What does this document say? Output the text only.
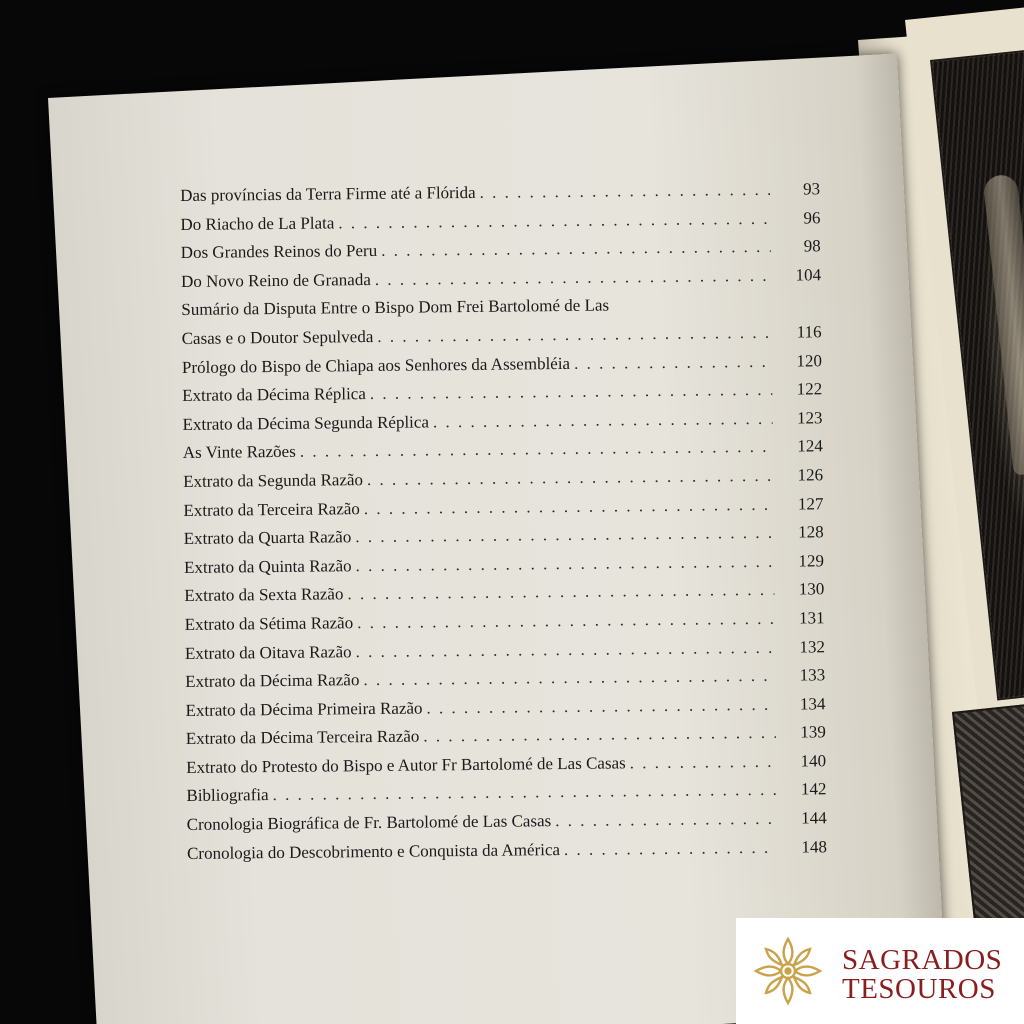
Das províncias da Terra Firme até a Flórida . . .	93
Do Riacho de La Plata . . .	96
Dos Grandes Reinos do Peru . . .	98
Do Novo Reino de Granada . . .	104
Sumário da Disputa Entre o Bispo Dom Frei Bartolomé de Las
Casas e o Doutor Sepulveda . . .	116
Prólogo do Bispo de Chiapa aos Senhores da Assembléia . . .	120
Extrato da Décima Réplica . . .	122
Extrato da Décima Segunda Réplica . . .	123
As Vinte Razões . . .	124
Extrato da Segunda Razão . . .	126
Extrato da Terceira Razão . . .	127
Extrato da Quarta Razão . . .	128
Extrato da Quinta Razão . . .	129
Extrato da Sexta Razão . . .	130
Extrato da Sétima Razão . . .	131
Extrato da Oitava Razão . . .	132
Extrato da Décima Razão . . .	133
Extrato da Décima Primeira Razão . . .	134
Extrato da Décima Terceira Razão . . .	139
Extrato do Protesto do Bispo e Autor Fr Bartolomé de Las Casas . . .	140
Bibliografia . . .	142
Cronologia Biográfica de Fr. Bartolomé de Las Casas . . .	144
Cronologia do Descobrimento e Conquista da América . . .	148
SAGRADOS
TESOUROS
